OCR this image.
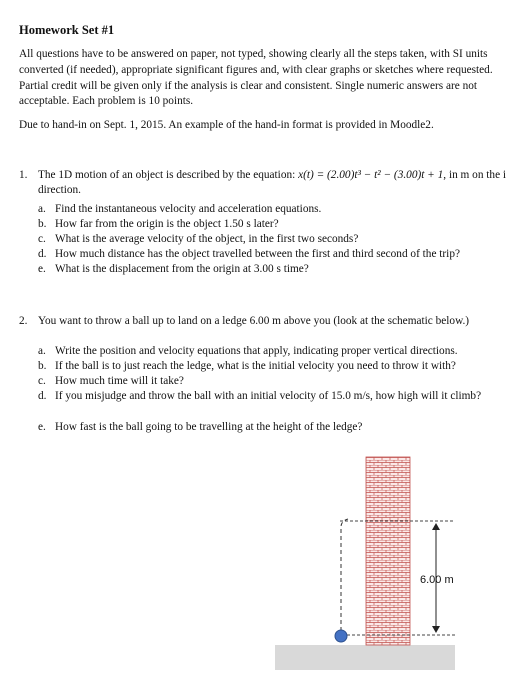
Homework Set #1
All questions have to be answered on paper, not typed, showing clearly all the steps taken, with SI units converted (if needed), appropriate significant figures and, with clear graphs or sketches where requested. Partial credit will be given only if the analysis is clear and consistent. Single numeric answers are not acceptable. Each problem is 10 points.
Due to hand-in on Sept. 1, 2015. An example of the hand-in format is provided in Moodle2.
1. The 1D motion of an object is described by the equation: x(t) = (2.00)t³ − t² − (3.00)t + 1, in m on the i direction.
a. Find the instantaneous velocity and acceleration equations.
b. How far from the origin is the object 1.50 s later?
c. What is the average velocity of the object, in the first two seconds?
d. How much distance has the object travelled between the first and third second of the trip?
e. What is the displacement from the origin at 3.00 s time?
2. You want to throw a ball up to land on a ledge 6.00 m above you (look at the schematic below.)
a. Write the position and velocity equations that apply, indicating proper vertical directions.
b. If the ball is to just reach the ledge, what is the initial velocity you need to throw it with?
c. How much time will it take?
d. If you misjudge and throw the ball with an initial velocity of 15.0 m/s, how high will it climb?
e. How fast is the ball going to be travelling at the height of the ledge?
6.00 m
